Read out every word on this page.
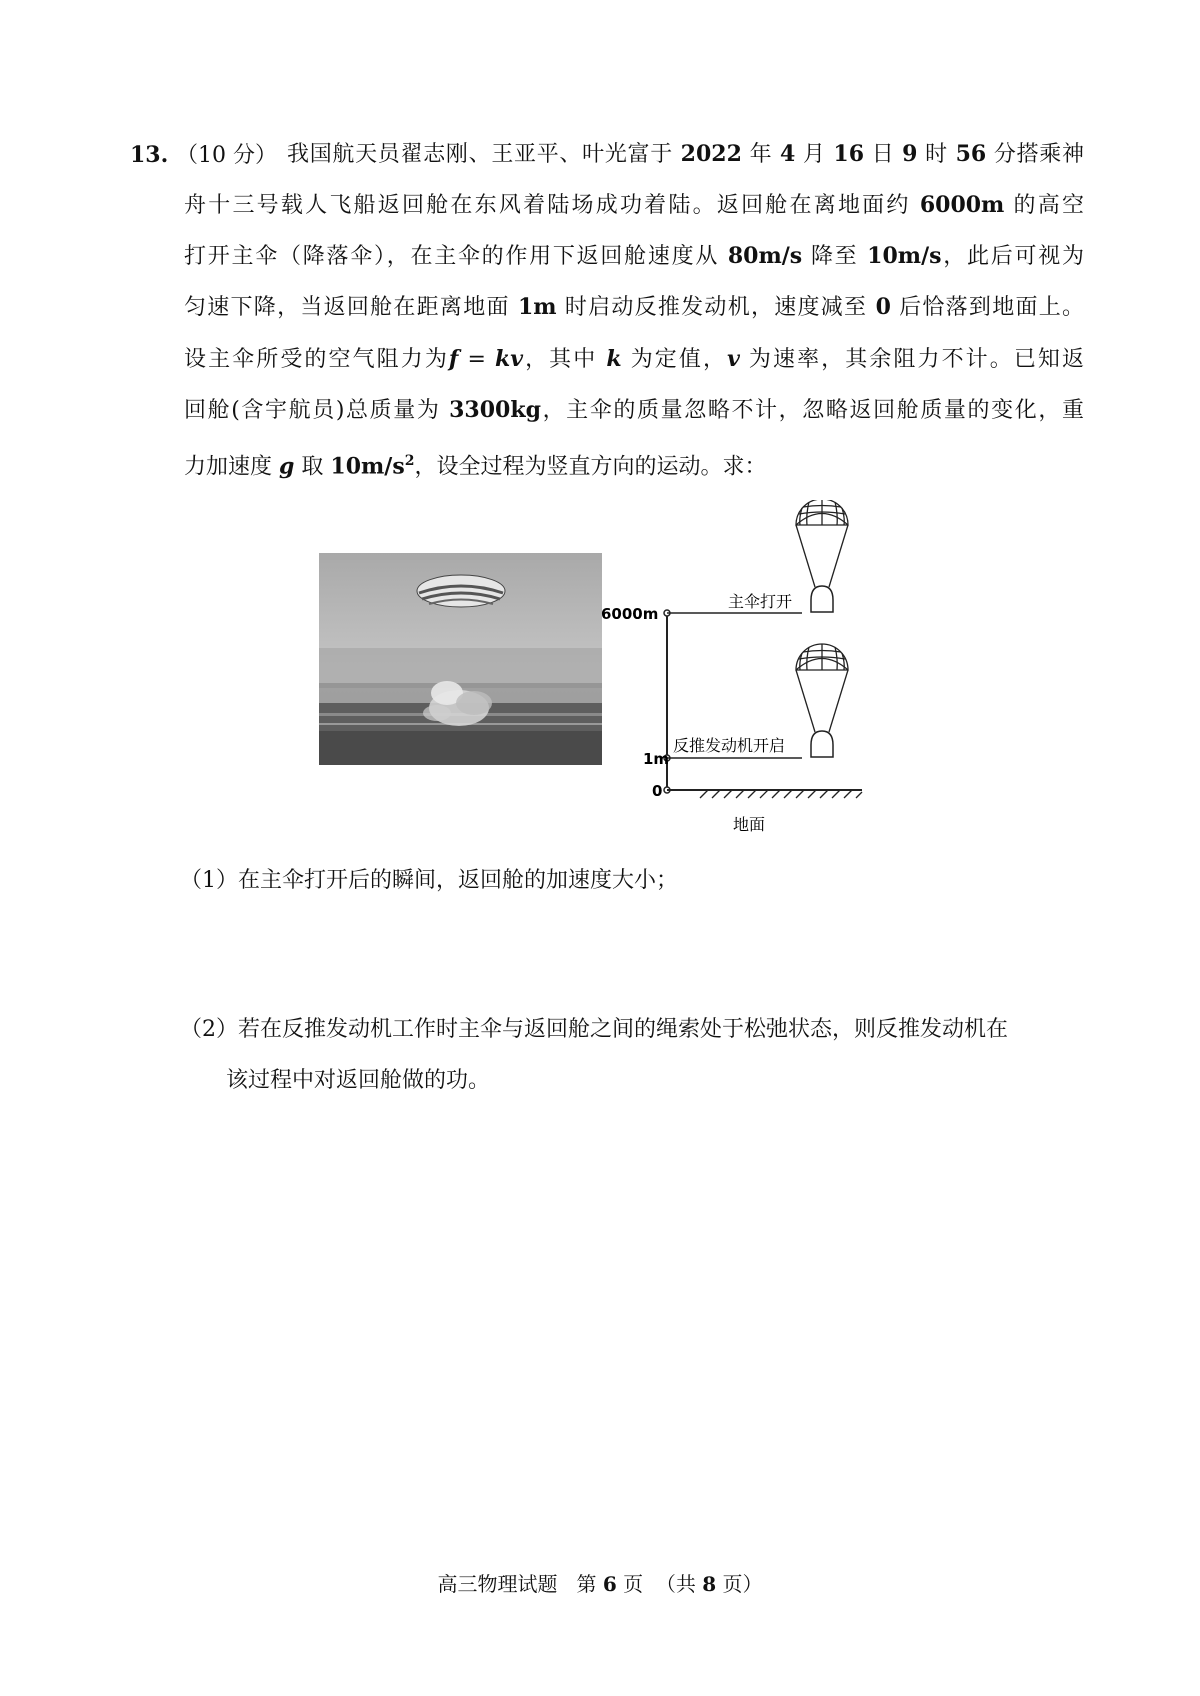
13. （10 分） 我国航天员翟志刚、王亚平、叶光富于 2022 年 4 月 16 日 9 时 56 分搭乘神
舟十三号载人飞船返回舱在东风着陆场成功着陆。返回舱在离地面约 6000m 的高空
打开主伞（降落伞），在主伞的作用下返回舱速度从 80m/s 降至 10m/s，此后可视为
匀速下降，当返回舱在距离地面 1m 时启动反推发动机，速度减至 0 后恰落到地面上。
设主伞所受的空气阻力为f = kv，其中 k 为定值，v 为速率，其余阻力不计。已知返
回舱(含宇航员)总质量为 3300kg，主伞的质量忽略不计，忽略返回舱质量的变化，重
力加速度 g 取 $10m/s^2$，设全过程为竖直方向的运动。求：
6000m
1m
0
地面
主伞打开
反推发动机开启
（1）在主伞打开后的瞬间，返回舱的加速度大小；
（2）若在反推发动机工作时主伞与返回舱之间的绳索处于松弛状态，则反推发动机在
该过程中对返回舱做的功。
高三物理试题 第 6 页 （共 8 页）
